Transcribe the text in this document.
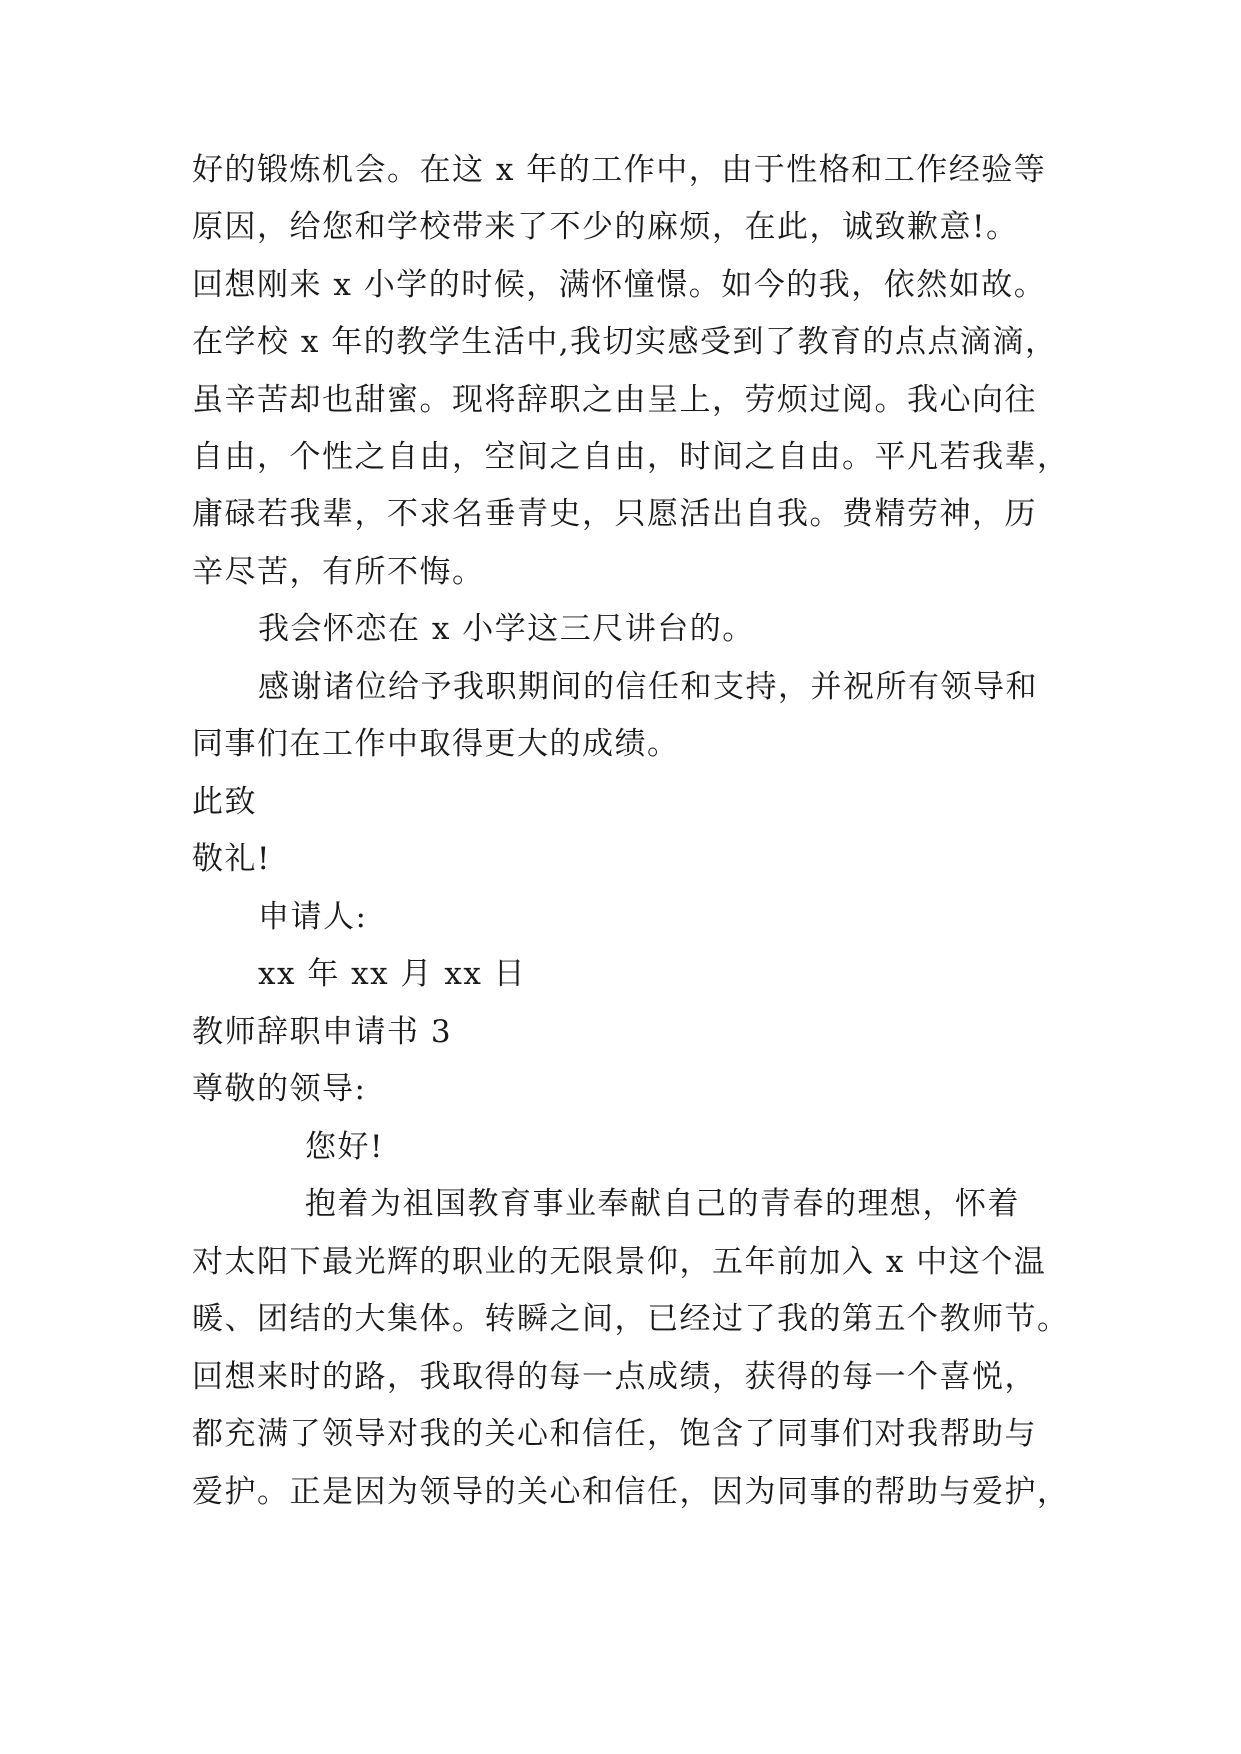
好的锻炼机会。在这 x 年的工作中，由于性格和工作经验等
原因，给您和学校带来了不少的麻烦，在此，诚致歉意!。
回想刚来 x 小学的时候，满怀憧憬。如今的我，依然如故。
在学校 x 年的教学生活中,我切实感受到了教育的点点滴滴，
虽辛苦却也甜蜜。现将辞职之由呈上，劳烦过阅。我心向往
自由，个性之自由，空间之自由，时间之自由。平凡若我辈，
庸碌若我辈，不求名垂青史，只愿活出自我。费精劳神，历
辛尽苦，有所不悔。
我会怀恋在 x 小学这三尺讲台的。
感谢诸位给予我职期间的信任和支持，并祝所有领导和
同事们在工作中取得更大的成绩。
此致
敬礼!
申请人:
xx 年 xx 月 xx 日
教师辞职申请书 3
尊敬的领导:
您好!
抱着为祖国教育事业奉献自己的青春的理想，怀着
对太阳下最光辉的职业的无限景仰，五年前加入 x 中这个温
暖、团结的大集体。转瞬之间，已经过了我的第五个教师节。
回想来时的路，我取得的每一点成绩，获得的每一个喜悦，
都充满了领导对我的关心和信任，饱含了同事们对我帮助与
爱护。正是因为领导的关心和信任，因为同事的帮助与爱护，
